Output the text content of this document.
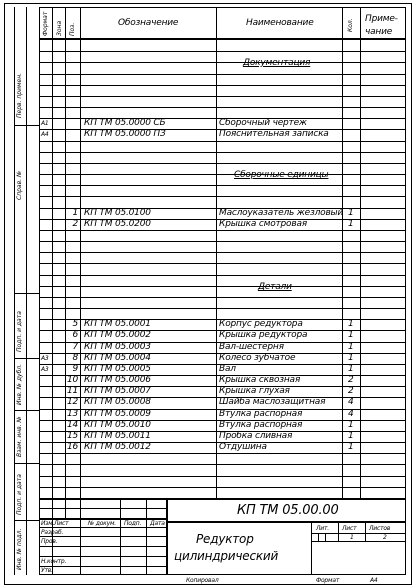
Перв. примен.
Справ. №
Подп. и дата
Инв. № дубл.
Взам. инв. №
Подп. и дата
Инв. № подл.
Формат Зона Поз.	Обозначение	Наименование	Кол. Приме-
чание
Документация
Сборочные единицы
Детали
А1	КП ТМ 05.0000 СБ	Сборочный чертеж
А4	КП ТМ 05.0000 ПЗ	Пояснительная записка
1 КП ТМ 05.0100	Маслоуказатель жезловый 1
2 КП ТМ 05.0200	Крышка смотровая	1
5 КП ТМ 05.0001	Корпус редуктора	1
6 КП ТМ 05.0002	Крышка редуктора	1
7 КП ТМ 05.0003	Вал-шестерня	1
А3	8 КП ТМ 05.0004	Колесо зубчатое	1
А3	9 КП ТМ 05.0005	Вал	1
10 КП ТМ 05.0006	Крышка сквозная	2
11 КП ТМ 05.0007	Крышка глухая	2
12 КП ТМ 05.0008	Шайба маслозащитная	4
13 КП ТМ 05.0009	Втулка распорная	4
14 КП ТМ 05.0010	Втулка распорная	1
15 КП ТМ 05.0011	Пробка сливная	1
16 КП ТМ 05.0012	Отдушина	1
Изм. Лист	№ докум. Подп. Дата
Разраб.
Пров.
Н.контр.
Утв.
КП ТМ 05.00.00
Редуктор
цилиндрический
Лит. Лист Листов
1	2
Копировал	Формат	А4
